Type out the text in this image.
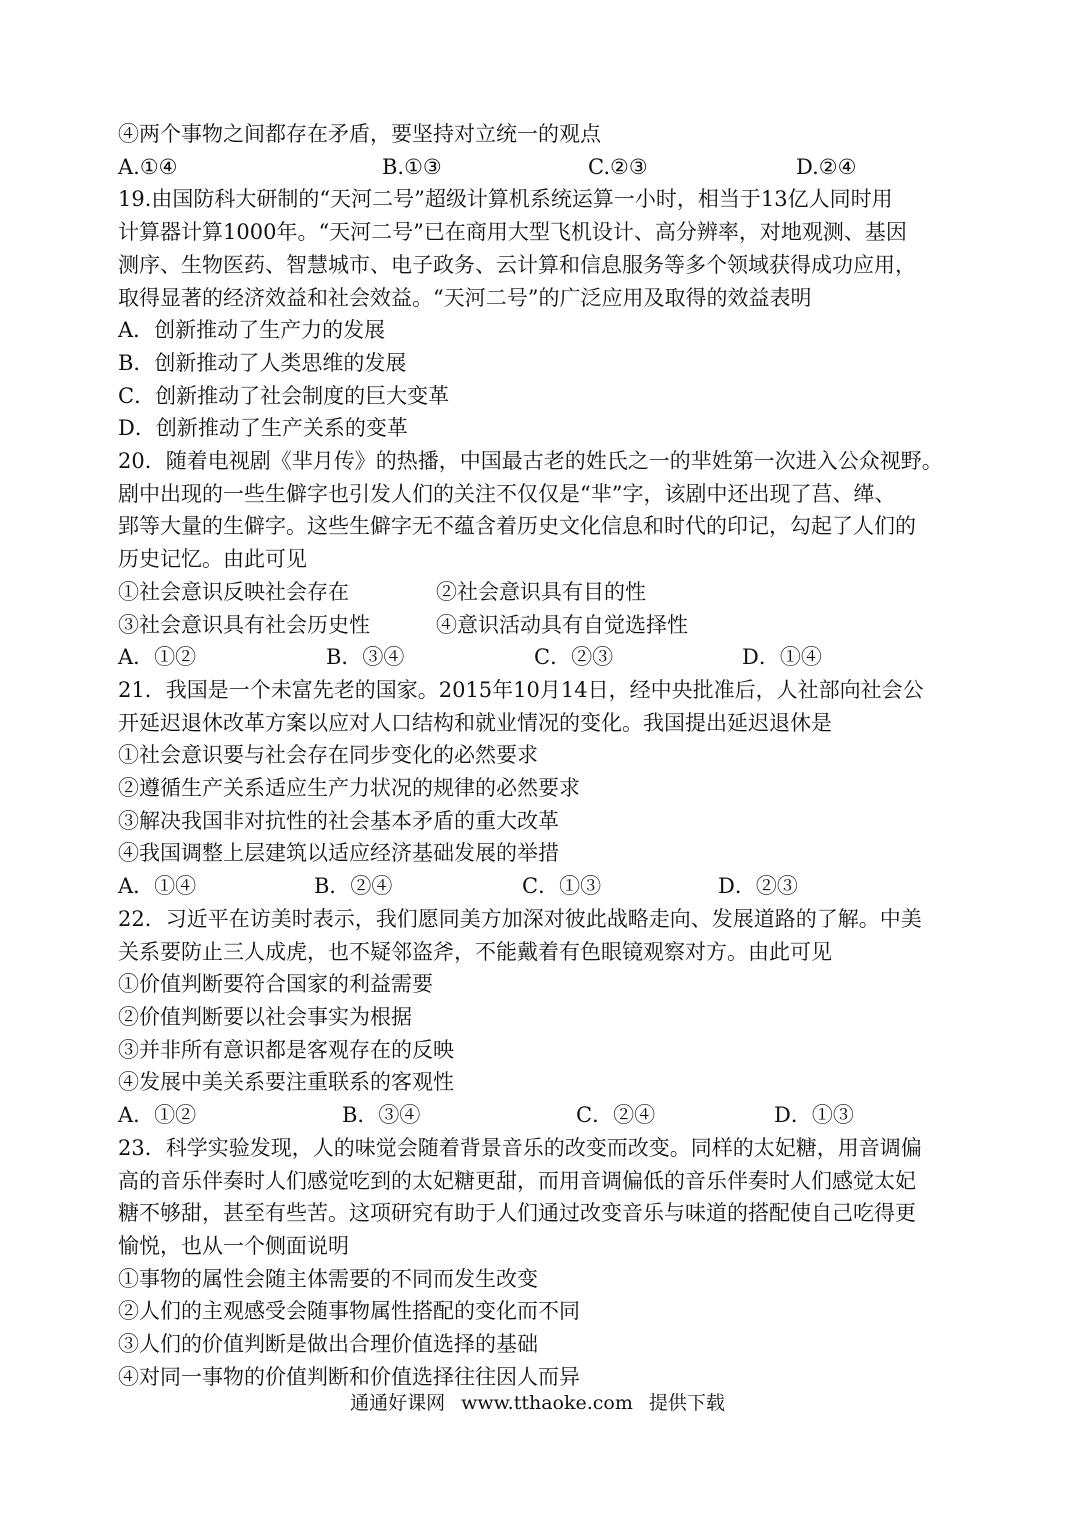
④两个事物之间都存在矛盾，要坚持对立统一的观点
A.①④	B.①③	C.②③	D.②④
19.由国防科大研制的“天河二号”超级计算机系统运算一小时，相当于13亿人同时用
计算器计算1000年。“天河二号”已在商用大型飞机设计、高分辨率，对地观测、基因
测序、生物医药、智慧城市、电子政务、云计算和信息服务等多个领域获得成功应用，
取得显著的经济效益和社会效益。“天河二号”的广泛应用及取得的效益表明
A．创新推动了生产力的发展
B．创新推动了人类思维的发展
C．创新推动了社会制度的巨大变革
D．创新推动了生产关系的变革
20．随着电视剧《芈月传》的热播，中国最古老的姓氏之一的芈姓第一次进入公众视野。
剧中出现的一些生僻字也引发人们的关注不仅仅是“芈”字，该剧中还出现了莒、缂、
郢等大量的生僻字。这些生僻字无不蕴含着历史文化信息和时代的印记，勾起了人们的
历史记忆。由此可见
①社会意识反映社会存在	②社会意识具有目的性
③社会意识具有社会历史性	④意识活动具有自觉选择性
A．①②	B．③④	C．②③	D．①④
21．我国是一个未富先老的国家。2015年10月14日，经中央批准后，人社部向社会公
开延迟退休改革方案以应对人口结构和就业情况的变化。我国提出延迟退休是
①社会意识要与社会存在同步变化的必然要求
②遵循生产关系适应生产力状况的规律的必然要求
③解决我国非对抗性的社会基本矛盾的重大改革
④我国调整上层建筑以适应经济基础发展的举措
A．①④	B．②④	C．①③	D．②③
22．习近平在访美时表示，我们愿同美方加深对彼此战略走向、发展道路的了解。中美
关系要防止三人成虎，也不疑邻盗斧，不能戴着有色眼镜观察对方。由此可见
①价值判断要符合国家的利益需要
②价值判断要以社会事实为根据
③并非所有意识都是客观存在的反映
④发展中美关系要注重联系的客观性
A．①②	B．③④	C．②④	D．①③
23．科学实验发现，人的味觉会随着背景音乐的改变而改变。同样的太妃糖，用音调偏
高的音乐伴奏时人们感觉吃到的太妃糖更甜，而用音调偏低的音乐伴奏时人们感觉太妃
糖不够甜，甚至有些苦。这项研究有助于人们通过改变音乐与味道的搭配使自己吃得更
愉悦，也从一个侧面说明
①事物的属性会随主体需要的不同而发生改变
②人们的主观感受会随事物属性搭配的变化而不同
③人们的价值判断是做出合理价值选择的基础
④对同一事物的价值判断和价值选择往往因人而异
通通好课网 www.tthaoke.com 提供下载
